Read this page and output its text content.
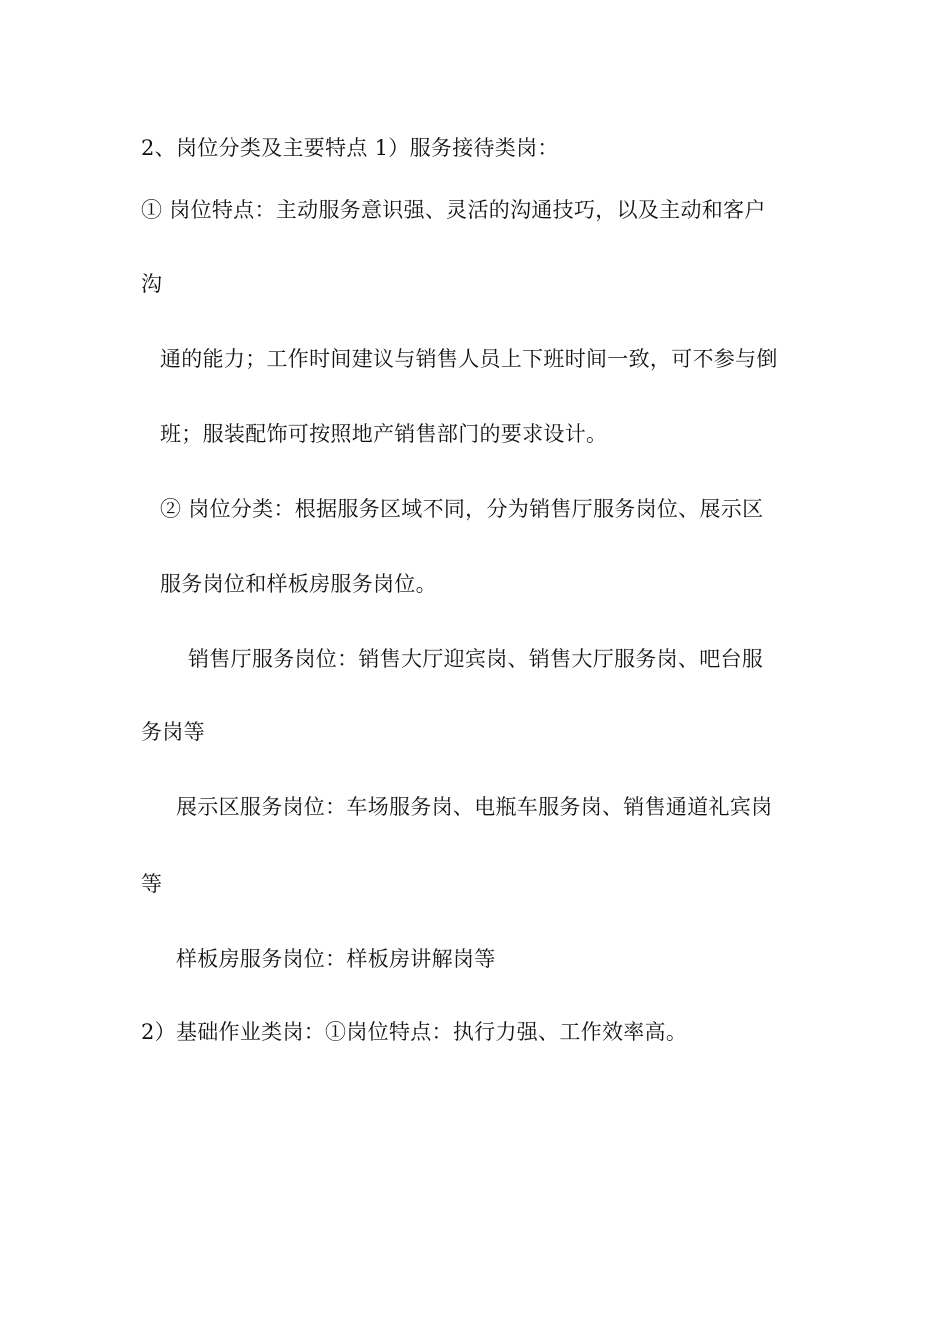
2、岗位分类及主要特点 1）服务接待类岗：
① 岗位特点：主动服务意识强、灵活的沟通技巧，以及主动和客户
沟
通的能力；工作时间建议与销售人员上下班时间一致，可不参与倒
班；服装配饰可按照地产销售部门的要求设计。
② 岗位分类：根据服务区域不同，分为销售厅服务岗位、展示区
服务岗位和样板房服务岗位。
销售厅服务岗位：销售大厅迎宾岗、销售大厅服务岗、吧台服
务岗等
展示区服务岗位：车场服务岗、电瓶车服务岗、销售通道礼宾岗
等
样板房服务岗位：样板房讲解岗等
2）基础作业类岗：①岗位特点：执行力强、工作效率高。
